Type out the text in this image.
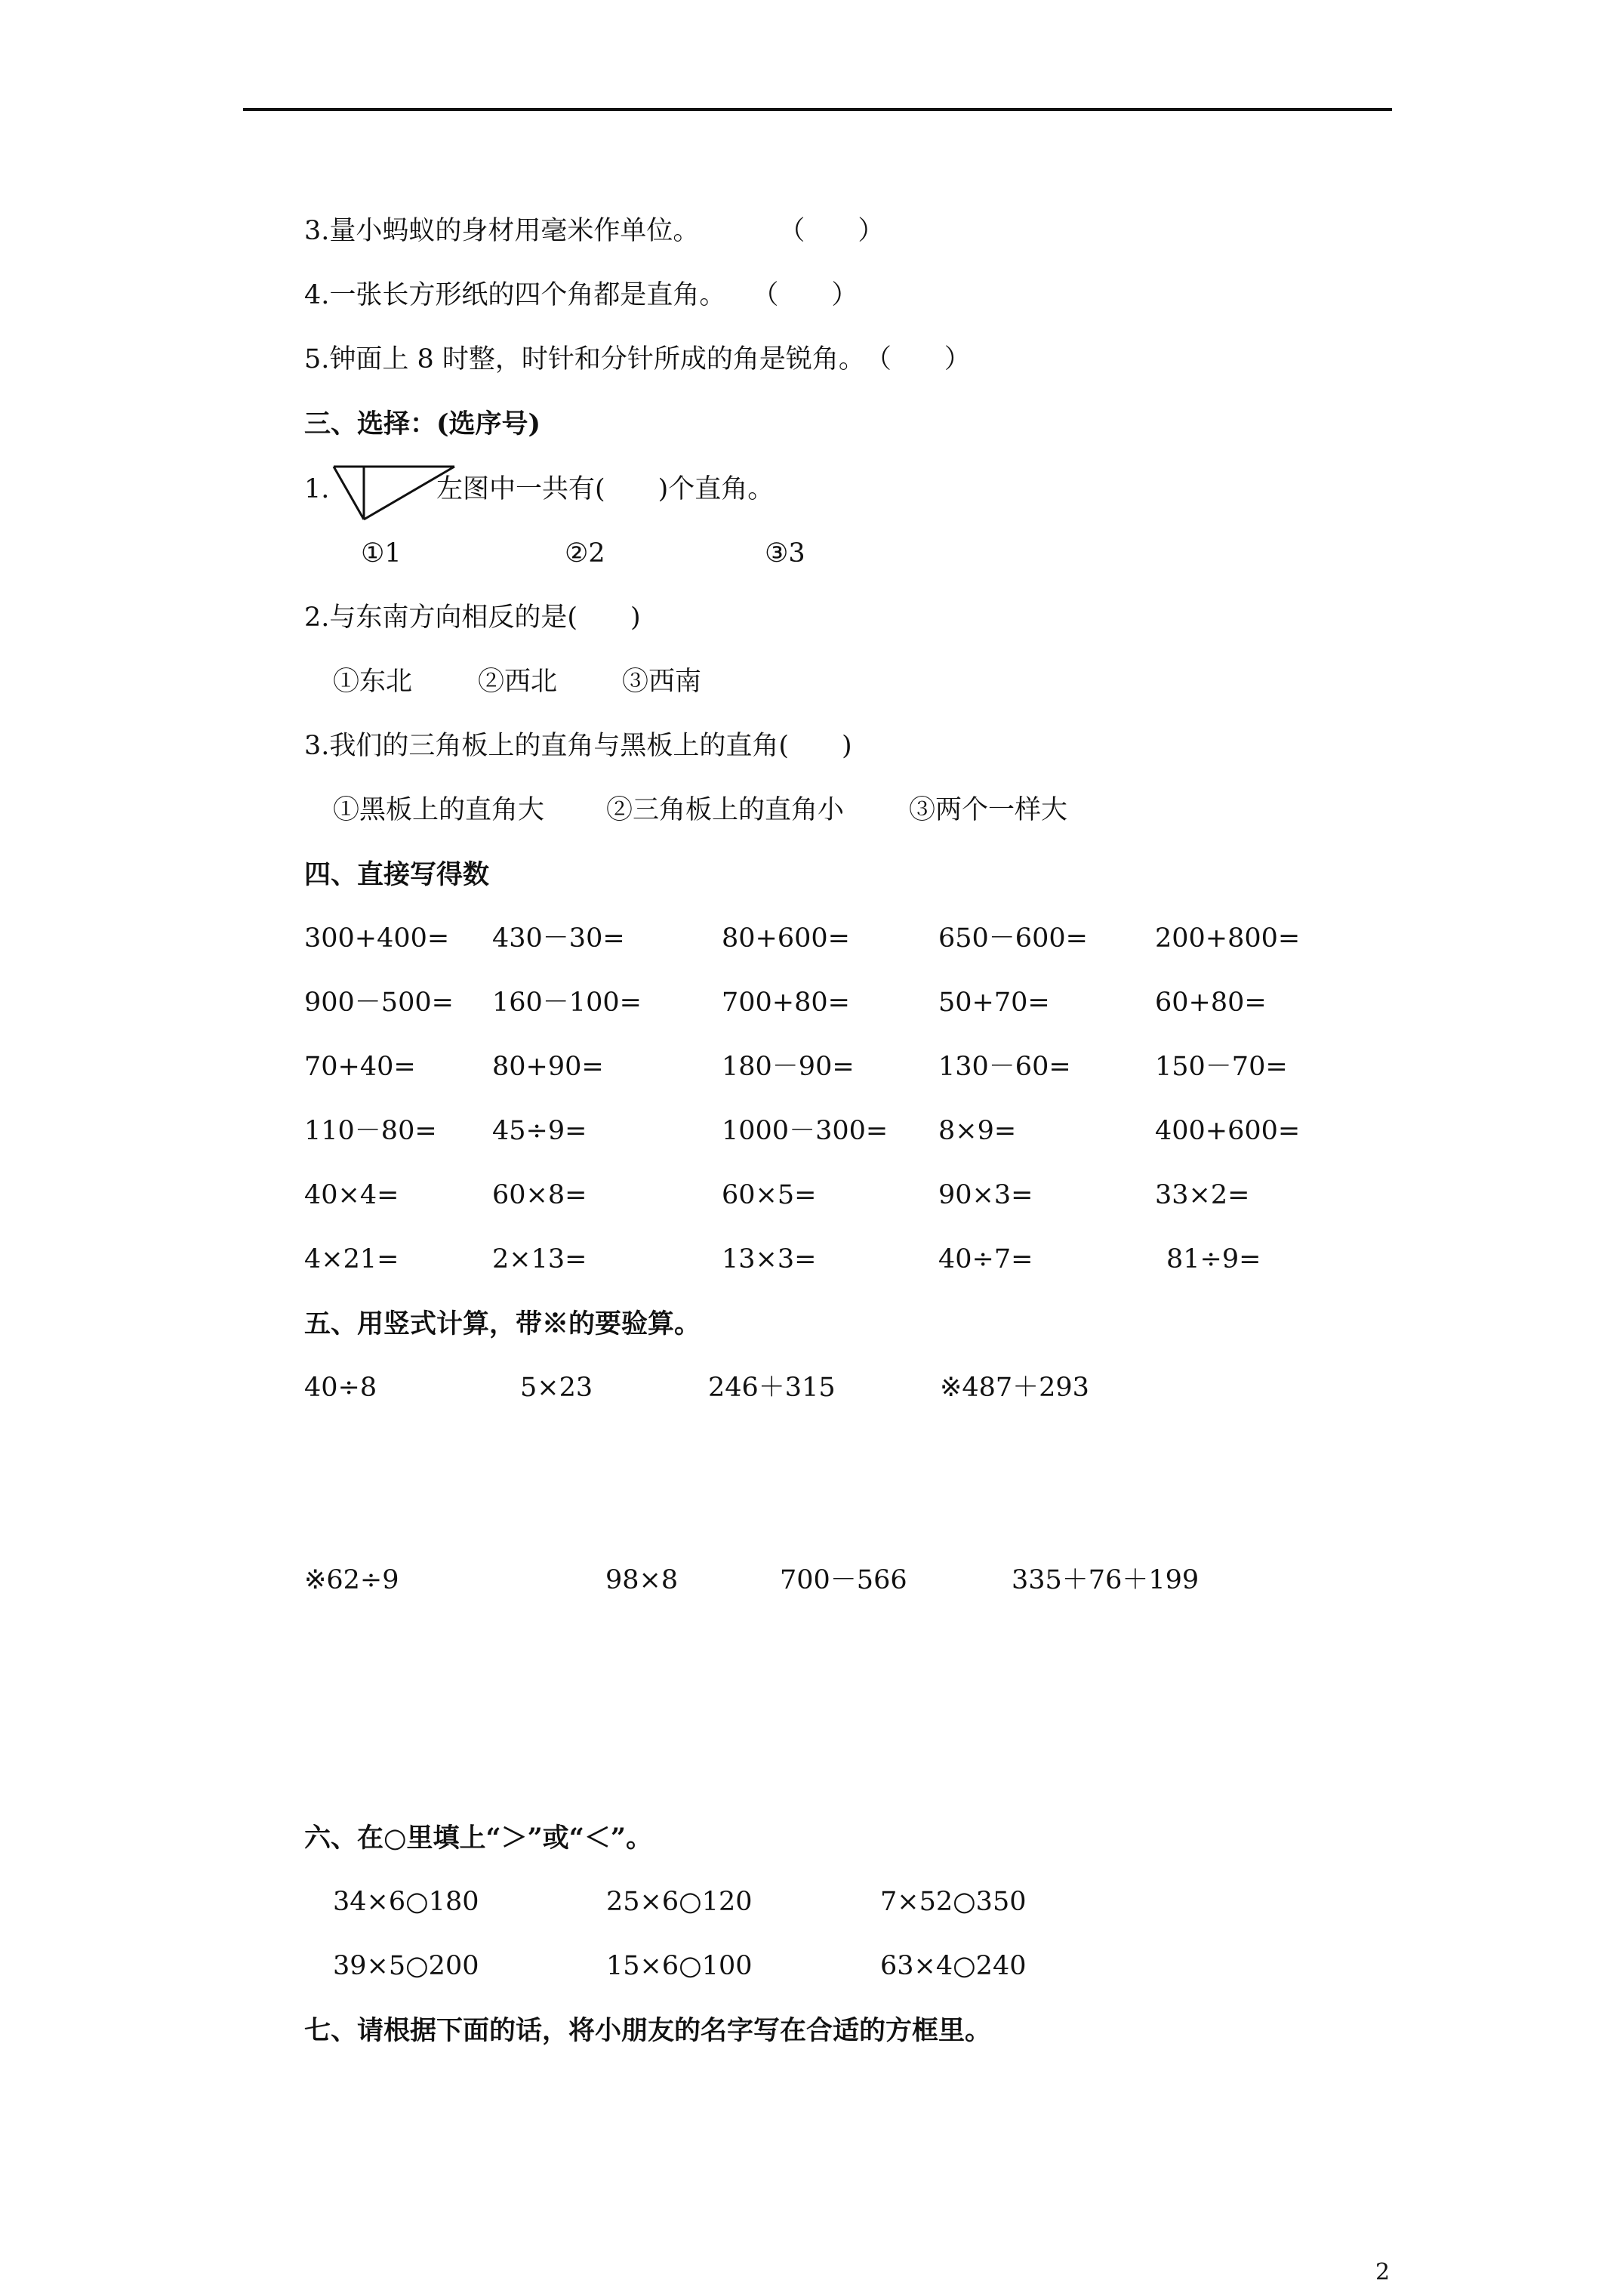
3.量小蚂蚁的身材用毫米作单位。　　　　（　　）
4.一张长方形纸的四个角都是直角。　　（　　）
5.钟面上 8 时整，时针和分针所成的角是锐角。　（　　）
三、选择：(选序号)
1.	左图中一共有(　　)个直角。
①1	②2	③3
2.与东南方向相反的是(　　)
①东北 ②西北 ③西南
3.我们的三角板上的直角与黑板上的直角(　　)
①黑板上的直角大 ②三角板上的直角小 ③两个一样大
四、直接写得数
300+400= 430－30=	80+600=	650－600=	200+800=
900－500= 160－100=	700+80=	50+70=	60+80=
70+40=	80+90=	180－90=	130－60=	150－70=
110－80= 45÷9=	1000－300= 8×9=	400+600=
40×4=	60×8=	60×5=	90×3=	33×2=
4×21=	2×13=	13×3=	40÷7=	81÷9=
五、用竖式计算，带※的要验算。
40÷8	5×23	246＋315	※487＋293
※62÷9	98×8	700－566	335＋76＋199
六、在○里填上“＞”或“＜”。
34×6○180	25×6○120	7×52○350
39×5○200	15×6○100	63×4○240
七、请根据下面的话，将小朋友的名字写在合适的方框里。
2
